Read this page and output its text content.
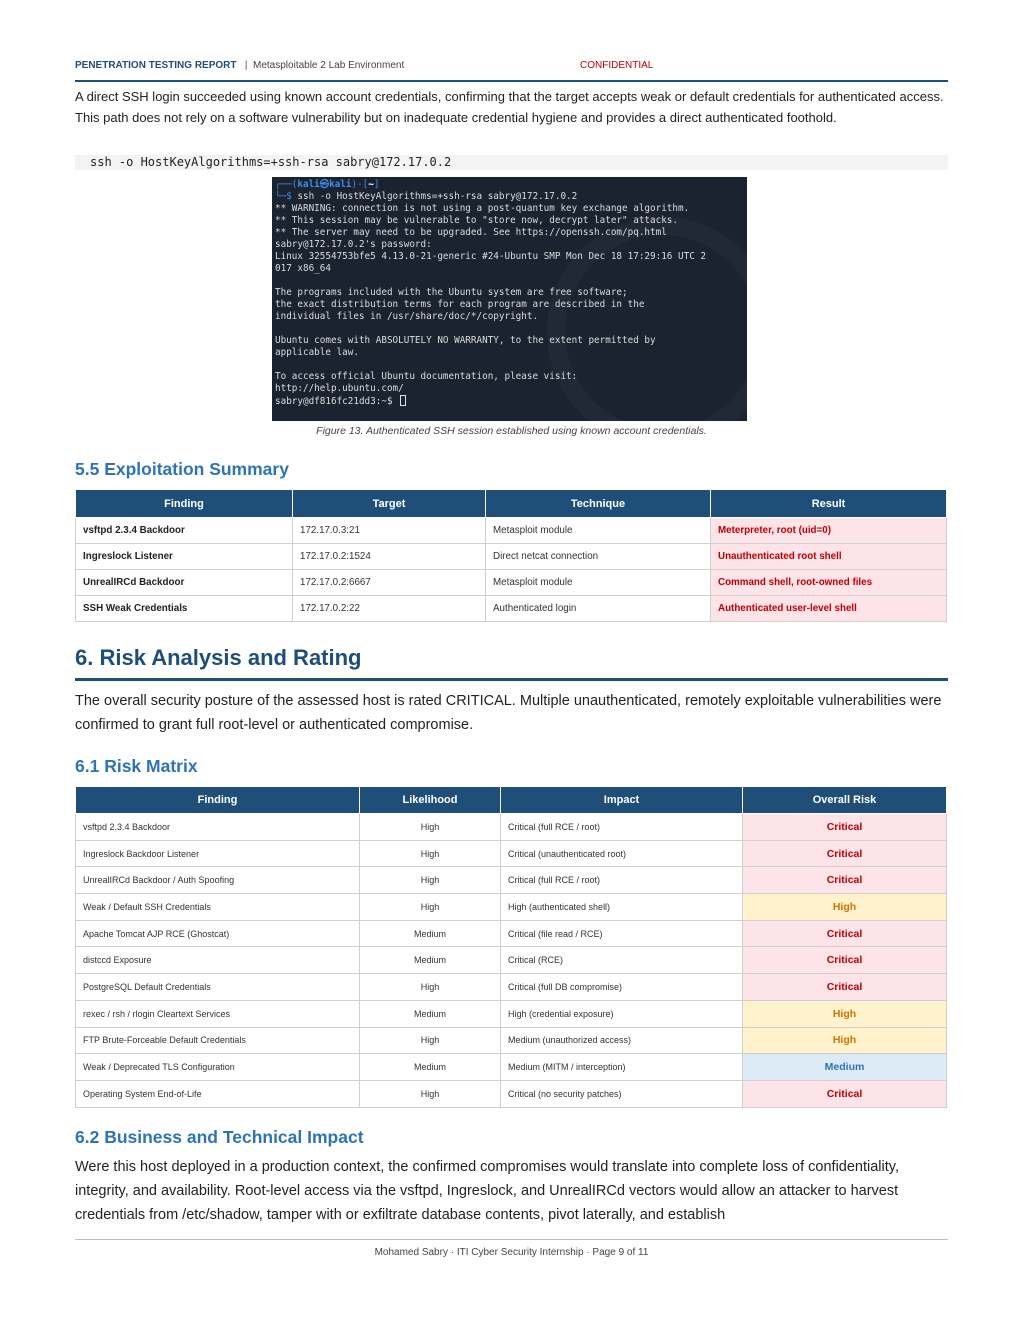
PENETRATION TESTING REPORT | Metasploitable 2 Lab Environment	CONFIDENTIAL

A direct SSH login succeeded using known account credentials, confirming that the target accepts weak or default credentials for authenticated access. This path does not rely on a software vulnerability but on inadequate credential hygiene and provides a direct authenticated foothold.

ssh -o HostKeyAlgorithms=+ssh-rsa sabry@172.17.0.2
┌──(kali㉿kali)-[~]
└─$ ssh -o HostKeyAlgorithms=+ssh-rsa sabry@172.17.0.2
** WARNING: connection is not using a post-quantum key exchange algorithm.
** This session may be vulnerable to "store now, decrypt later" attacks.
** The server may need to be upgraded. See https://openssh.com/pq.html
sabry@172.17.0.2's password:
Linux 32554753bfe5 4.13.0-21-generic #24-Ubuntu SMP Mon Dec 18 17:29:16 UTC 2
017 x86_64
The programs included with the Ubuntu system are free software;
the exact distribution terms for each program are described in the
individual files in /usr/share/doc/*/copyright.
Ubuntu comes with ABSOLUTELY NO WARRANTY, to the extent permitted by
applicable law.
To access official Ubuntu documentation, please visit:
http://help.ubuntu.com/
sabry@df816fc21dd3:~$
Figure 13. Authenticated SSH session established using known account credentials.
5.5 Exploitation Summary
Finding	Target	Technique	Result
vsftpd 2.3.4 Backdoor	172.17.0.3:21	Metasploit module	Meterpreter, root (uid=0)
Ingreslock Listener	172.17.0.2:1524	Direct netcat connection	Unauthenticated root shell
UnrealIRCd Backdoor	172.17.0.2:6667	Metasploit module	Command shell, root-owned files
SSH Weak Credentials	172.17.0.2:22	Authenticated login	Authenticated user-level shell
6. Risk Analysis and Rating

The overall security posture of the assessed host is rated CRITICAL. Multiple unauthenticated, remotely exploitable vulnerabilities were confirmed to grant full root-level or authenticated compromise.

6.1 Risk Matrix
Finding	Likelihood	Impact	Overall Risk
vsftpd 2.3.4 Backdoor	High	Critical (full RCE / root)	Critical
Ingreslock Backdoor Listener	High	Critical (unauthenticated root)	Critical
UnrealIRCd Backdoor / Auth Spoofing	High	Critical (full RCE / root)	Critical
Weak / Default SSH Credentials	High	High (authenticated shell)	High
Apache Tomcat AJP RCE (Ghostcat)	Medium	Critical (file read / RCE)	Critical
distccd Exposure	Medium	Critical (RCE)	Critical
PostgreSQL Default Credentials	High	Critical (full DB compromise)	Critical
rexec / rsh / rlogin Cleartext Services	Medium	High (credential exposure)	High
FTP Brute-Forceable Default Credentials	High	Medium (unauthorized access)	High
Weak / Deprecated TLS Configuration	Medium	Medium (MITM / interception)	Medium
Operating System End-of-Life	High	Critical (no security patches)	Critical
6.2 Business and Technical Impact

Were this host deployed in a production context, the confirmed compromises would translate into complete loss of confidentiality, integrity, and availability. Root-level access via the vsftpd, Ingreslock, and UnrealIRCd vectors would allow an attacker to harvest credentials from /etc/shadow, tamper with or exfiltrate database contents, pivot laterally, and establish

Mohamed Sabry · ITI Cyber Security Internship · Page 9 of 11
